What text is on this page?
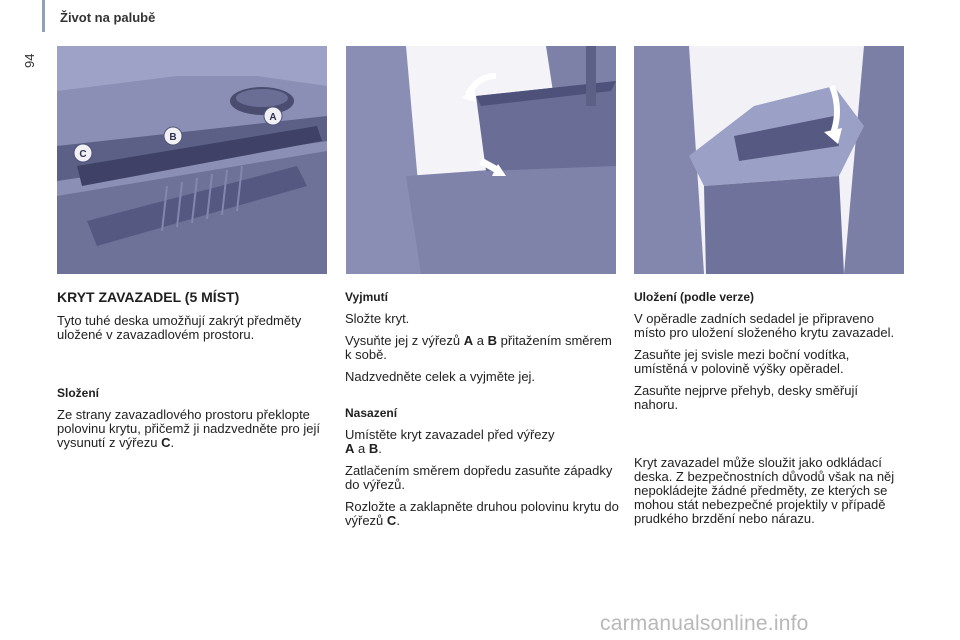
94
Život na palubě
A
B
C
KRYT ZAVAZADEL (5 MÍST)

Tyto tuhé deska umožňují zakrýt předměty uložené v zavazadlovém prostoru.

Složení

Ze strany zavazadlového prostoru překlopte polovinu krytu, přičemž ji nadzvedněte pro její vysunutí z výřezu C.

Vyjmutí

Složte kryt.

Vysuňte jej z výřezů A a B přitažením směrem k sobě.

Nadzvedněte celek a vyjměte jej.

Nasazení

Umístěte kryt zavazadel před výřezy
A a B.

Zatlačením směrem dopředu zasuňte západky do výřezů.

Rozložte a zaklapněte druhou polovinu krytu do výřezů C.

Uložení (podle verze)

V opěradle zadních sedadel je připraveno místo pro uložení složeného krytu zavazadel.

Zasuňte jej svisle mezi boční vodítka, umístěná v polovině výšky opěradel.

Zasuňte nejprve přehyb, desky směřují nahoru.

Kryt zavazadel může sloužit jako odkládací deska. Z bezpečnostních důvodů však na něj nepokládejte žádné předměty, ze kterých se mohou stát nebezpečné projektily v případě prudkého brzdění nebo nárazu.

carmanualsonline.info
